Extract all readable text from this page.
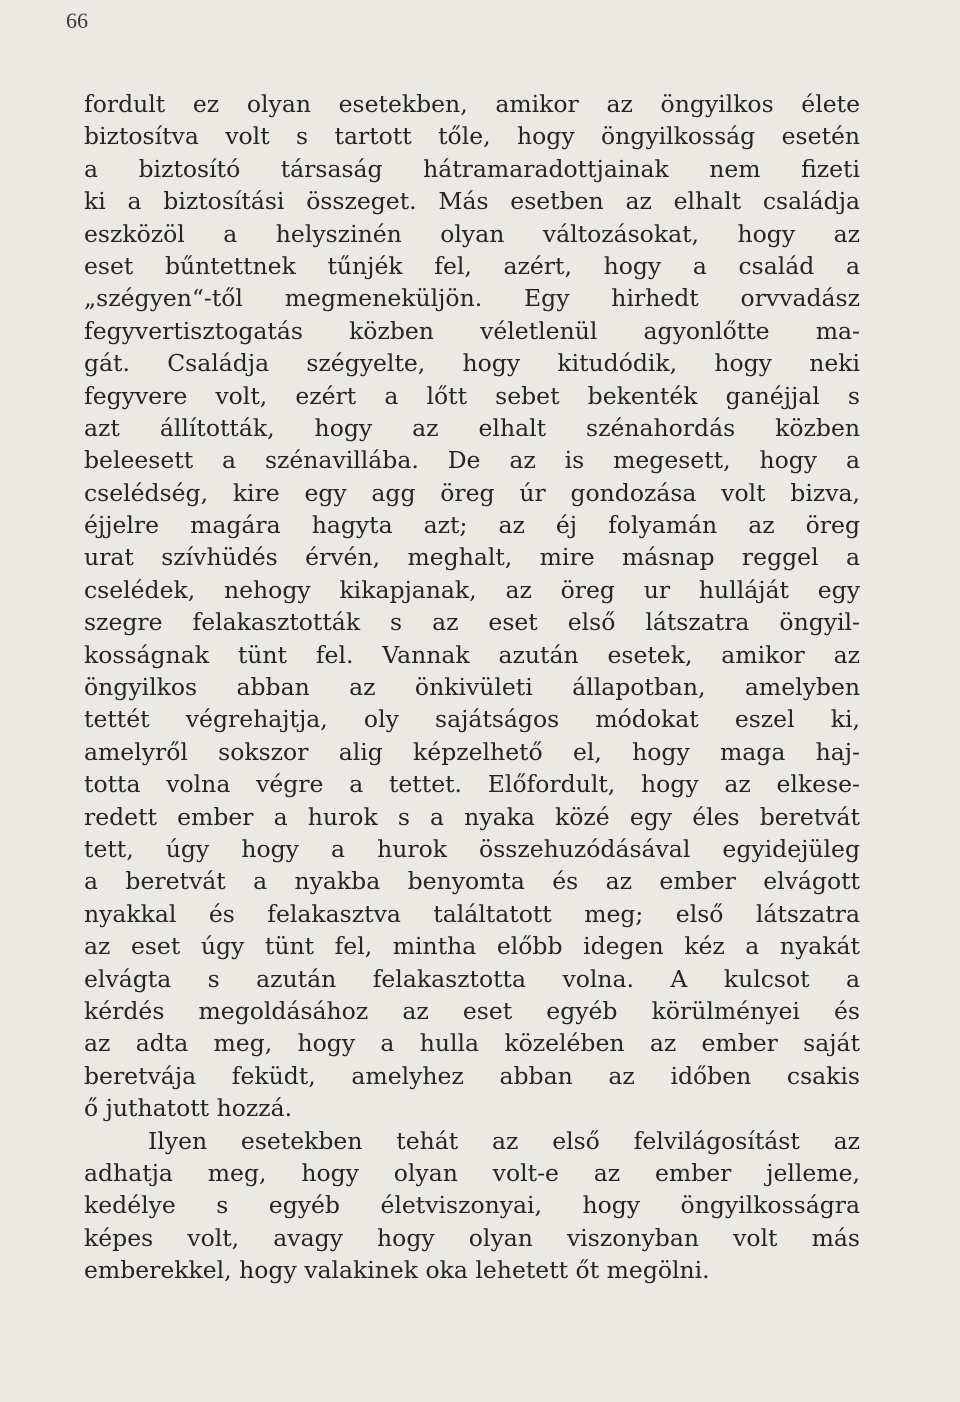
66
fordult ez olyan esetekben, amikor az öngyilkos élete
biztosítva volt s tartott tőle, hogy öngyilkosság esetén
a biztosító társaság hátramaradottjainak nem fizeti
ki a biztosítási összeget. Más esetben az elhalt családja
eszközöl a helyszinén olyan változásokat, hogy az
eset bűntettnek tűnjék fel, azért, hogy a család a
„szégyen“-től megmeneküljön. Egy hirhedt orvvadász
fegyvertisztogatás közben véletlenül agyonlőtte ma-
gát. Családja szégyelte, hogy kitudódik, hogy neki
fegyvere volt, ezért a lőtt sebet bekenték ganéjjal s
azt állították, hogy az elhalt szénahordás közben
beleesett a szénavillába. De az is megesett, hogy a
cselédség, kire egy agg öreg úr gondozása volt bizva,
éjjelre magára hagyta azt; az éj folyamán az öreg
urat szívhüdés érvén, meghalt, mire másnap reggel a
cselédek, nehogy kikapjanak, az öreg ur hulláját egy
szegre felakasztották s az eset első látszatra öngyil-
kosságnak tünt fel. Vannak azután esetek, amikor az
öngyilkos abban az önkivületi állapotban, amelyben
tettét végrehajtja, oly sajátságos módokat eszel ki,
amelyről sokszor alig képzelhető el, hogy maga haj-
totta volna végre a tettet. Előfordult, hogy az elkese-
redett ember a hurok s a nyaka közé egy éles beretvát
tett, úgy hogy a hurok összehuzódásával egyidejüleg
a beretvát a nyakba benyomta és az ember elvágott
nyakkal és felakasztva találtatott meg; első látszatra
az eset úgy tünt fel, mintha előbb idegen kéz a nyakát
elvágta s azután felakasztotta volna. A kulcsot a
kérdés megoldásához az eset egyéb körülményei és
az adta meg, hogy a hulla közelében az ember saját
beretvája feküdt, amelyhez abban az időben csakis
ő juthatott hozzá.
Ilyen esetekben tehát az első felvilágosítást az
adhatja meg, hogy olyan volt-e az ember jelleme,
kedélye s egyéb életviszonyai, hogy öngyilkosságra
képes volt, avagy hogy olyan viszonyban volt más
emberekkel, hogy valakinek oka lehetett őt megölni.
